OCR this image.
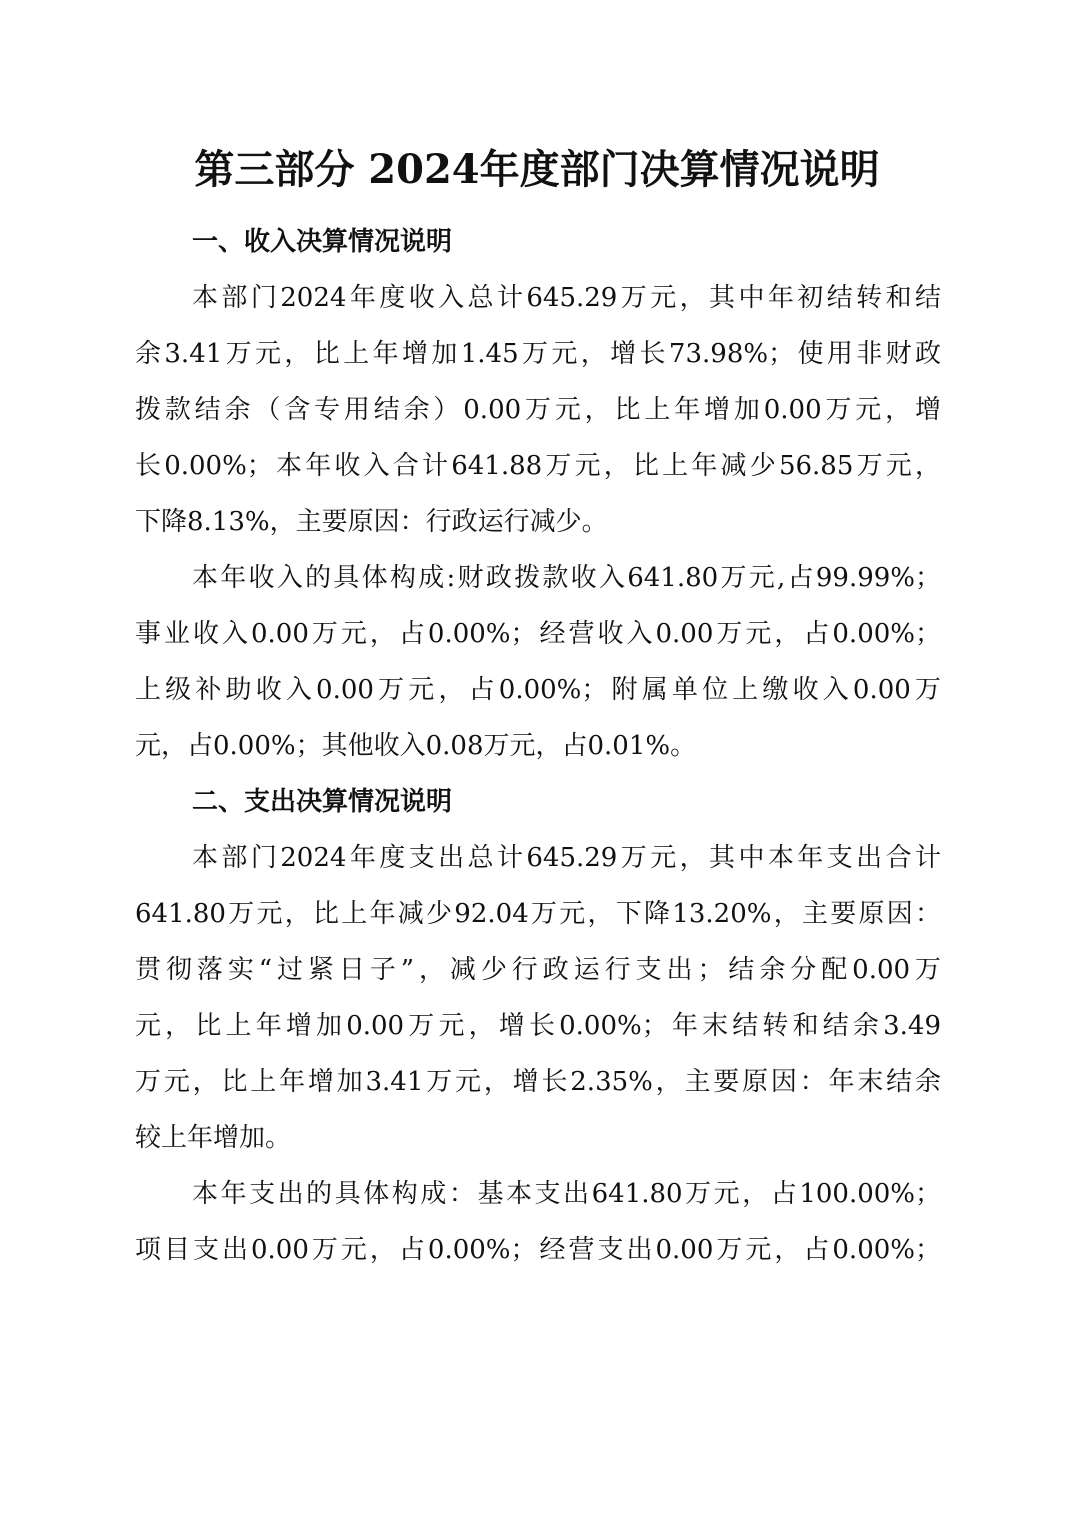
第三部分 2024年度部门决算情况说明
一、收入决算情况说明
本部门2024年度收入总计645.29万元，其中年初结转和结
余3.41万元，比上年增加1.45万元，增长73.98%；使用非财政
拨款结余（含专用结余）0.00万元，比上年增加0.00万元，增
长0.00%；本年收入合计641.88万元，比上年减少56.85万元，
下降8.13%，主要原因：行政运行减少。
本年收入的具体构成:财政拨款收入641.80万元,占99.99%；
事业收入0.00万元，占0.00%；经营收入0.00万元，占0.00%；
上级补助收入0.00万元，占0.00%；附属单位上缴收入0.00万
元，占0.00%；其他收入0.08万元，占0.01%。
二、支出决算情况说明
本部门2024年度支出总计645.29万元，其中本年支出合计
641.80万元，比上年减少92.04万元，下降13.20%，主要原因：
贯彻落实“过紧日子”，减少行政运行支出；结余分配0.00万
元，比上年增加0.00万元，增长0.00%；年末结转和结余3.49
万元，比上年增加3.41万元，增长2.35%，主要原因：年末结余
较上年增加。
本年支出的具体构成：基本支出641.80万元，占100.00%；
项目支出0.00万元，占0.00%；经营支出0.00万元，占0.00%；
